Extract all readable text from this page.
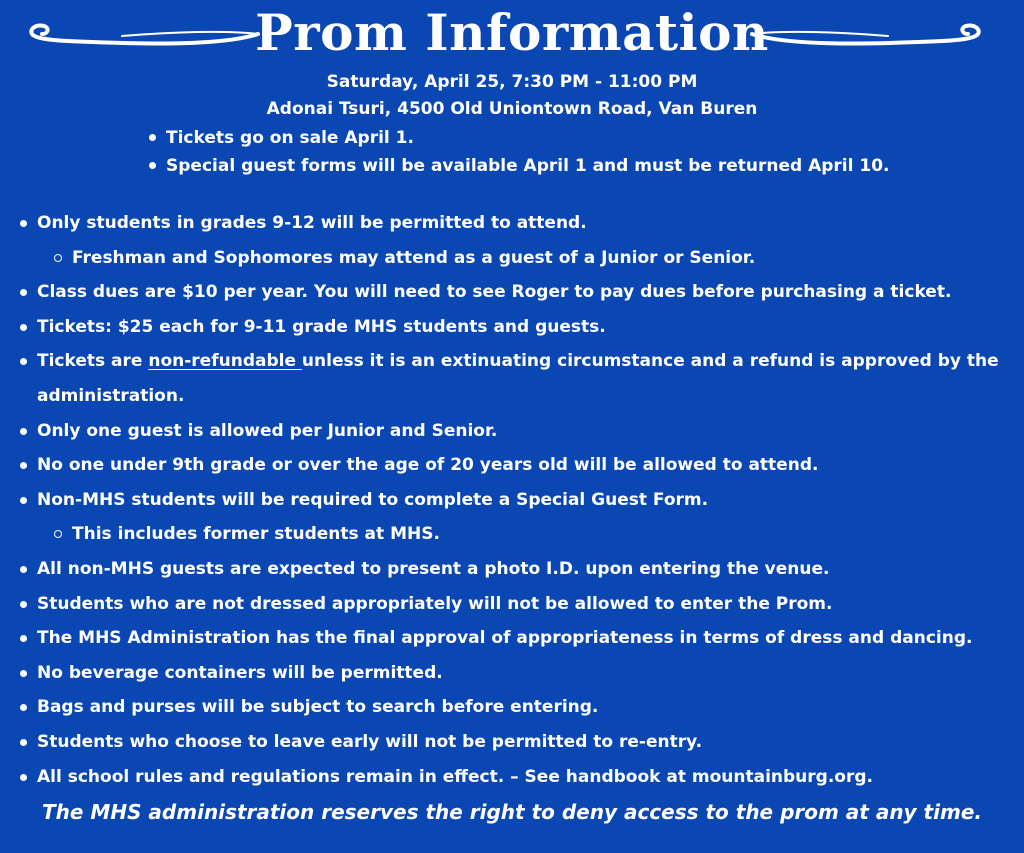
Prom Information
Saturday, April 25, 7:30 PM - 11:00 PM
Adonai Tsuri, 4500 Old Uniontown Road, Van Buren
Tickets go on sale April 1.
Special guest forms will be available April 1 and must be returned April 10.
Only students in grades 9-12 will be permitted to attend.
Freshman and Sophomores may attend as a guest of a Junior or Senior.
Class dues are $10 per year. You will need to see Roger to pay dues before purchasing a ticket.
Tickets: $25 each for 9-11 grade MHS students and guests.
Tickets are non-refundable unless it is an extinuating circumstance and a refund is approved by the
administration.
Only one guest is allowed per Junior and Senior.
No one under 9th grade or over the age of 20 years old will be allowed to attend.
Non-MHS students will be required to complete a Special Guest Form.
This includes former students at MHS.
All non-MHS guests are expected to present a photo I.D. upon entering the venue.
Students who are not dressed appropriately will not be allowed to enter the Prom.
The MHS Administration has the final approval of appropriateness in terms of dress and dancing.
No beverage containers will be permitted.
Bags and purses will be subject to search before entering.
Students who choose to leave early will not be permitted to re-entry.
All school rules and regulations remain in effect. – See handbook at mountainburg.org.
The MHS administration reserves the right to deny access to the prom at any time.
